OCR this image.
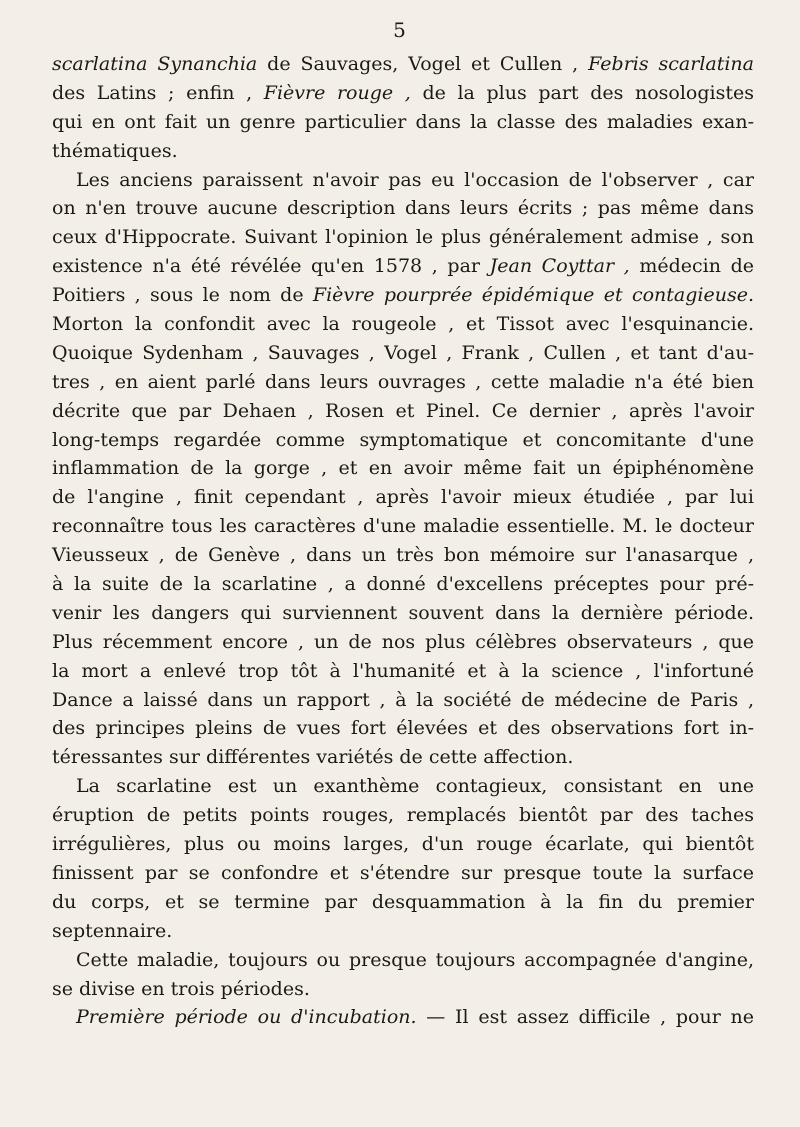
5
scarlatina Synanchia de Sauvages, Vogel et Cullen , Febris scarlatina
des Latins ; enfin , Fièvre rouge , de la plus part des nosologistes
qui en ont fait un genre particulier dans la classe des maladies exan-
thématiques.
Les anciens paraissent n'avoir pas eu l'occasion de l'observer , car
on n'en trouve aucune description dans leurs écrits ; pas même dans
ceux d'Hippocrate. Suivant l'opinion le plus généralement admise , son
existence n'a été révélée qu'en 1578 , par Jean Coyttar , médecin de
Poitiers , sous le nom de Fièvre pourprée épidémique et contagieuse.
Morton la confondit avec la rougeole , et Tissot avec l'esquinancie.
Quoique Sydenham , Sauvages , Vogel , Frank , Cullen , et tant d'au-
tres , en aient parlé dans leurs ouvrages , cette maladie n'a été bien
décrite que par Dehaen , Rosen et Pinel. Ce dernier , après l'avoir
long-temps regardée comme symptomatique et concomitante d'une
inflammation de la gorge , et en avoir même fait un épiphénomène
de l'angine , finit cependant , après l'avoir mieux étudiée , par lui
reconnaître tous les caractères d'une maladie essentielle. M. le docteur
Vieusseux , de Genève , dans un très bon mémoire sur l'anasarque ,
à la suite de la scarlatine , a donné d'excellens préceptes pour pré-
venir les dangers qui surviennent souvent dans la dernière période.
Plus récemment encore , un de nos plus célèbres observateurs , que
la mort a enlevé trop tôt à l'humanité et à la science , l'infortuné
Dance a laissé dans un rapport , à la société de médecine de Paris ,
des principes pleins de vues fort élevées et des observations fort in-
téressantes sur différentes variétés de cette affection.
La scarlatine est un exanthème contagieux, consistant en une
éruption de petits points rouges, remplacés bientôt par des taches
irrégulières, plus ou moins larges, d'un rouge écarlate, qui bientôt
finissent par se confondre et s'étendre sur presque toute la surface
du corps, et se termine par desquammation à la fin du premier
septennaire.
Cette maladie, toujours ou presque toujours accompagnée d'angine,
se divise en trois périodes.
Première période ou d'incubation. — Il est assez difficile , pour ne
